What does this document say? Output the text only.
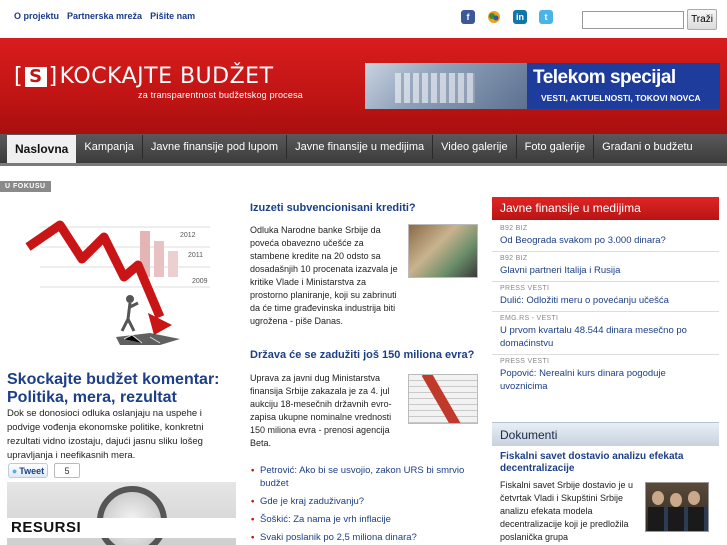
O projektu Partnerska mreža Pišite nam	f	in	t	Traži
[ S ] KOCKAJTE BUDŽET
za transparentnost budžetskog procesa
Telekom specijal
VESTI, AKTUELNOSTI, TOKOVI NOVCA
Naslovna	Kampanja	Javne finansije pod lupom	Javne finansije u medijima	Video galerije	Foto galerije	Građani o budžetu
U FOKUSU
2012
2011
2009
Skockajte budžet komentar: Politika, mera, rezultat
Dok se donosioci odluka oslanjaju na uspehe i podvige vođenja ekonomske politike, konkretni rezultati vidno izostaju, dajući jasnu sliku lošeg upravljanja i neefikasnih mera.
● Tweet	5
RESURSI
Izuzeti subvencionisani krediti?
Odluka Narodne banke Srbije da poveća obavezno učešće za stambene kredite na 20 odsto sa dosadašnjih 10 procenata izazvala je kritike Vlade i Ministarstva za prostorno planiranje, koji su zabrinuti da će time građevinska industrija biti ugrožena - piše Danas.
Država će se zadužiti još 150 miliona evra?
Uprava za javni dug Ministarstva finansija Srbije zakazala je za 4. jul aukciju 18-mesečnih državnih evro-zapisa ukupne nominalne vrednosti 150 miliona evra - prenosi agencija Beta.
• Petrović: Ako bi se usvojio, zakon URS bi smrvio budžet
• Gde je kraj zaduživanju?
• Šoškić: Za nama je vrh inflacije
• Svaki poslanik po 2,5 miliona dinara?
Javne finansije u medijima
B92 BIZ
Od Beograda svakom po 3.000 dinara?
B92 BIZ
Glavni partneri Italija i Rusija
PRESS VESTI
Dulić: Odložiti meru o povećanju učešća
EMG.RS - VESTI
U prvom kvartalu 48.544 dinara mesečno po domaćinstvu
PRESS VESTI
Popović: Nerealni kurs dinara pogoduje uvoznicima
Dokumenti
Fiskalni savet dostavio analizu efekata decentralizacije
Fiskalni savet Srbije dostavio je u četvrtak Vladi i Skupštini Srbije analizu efekata modela decentralizacije koji je predložila poslanička grupa
